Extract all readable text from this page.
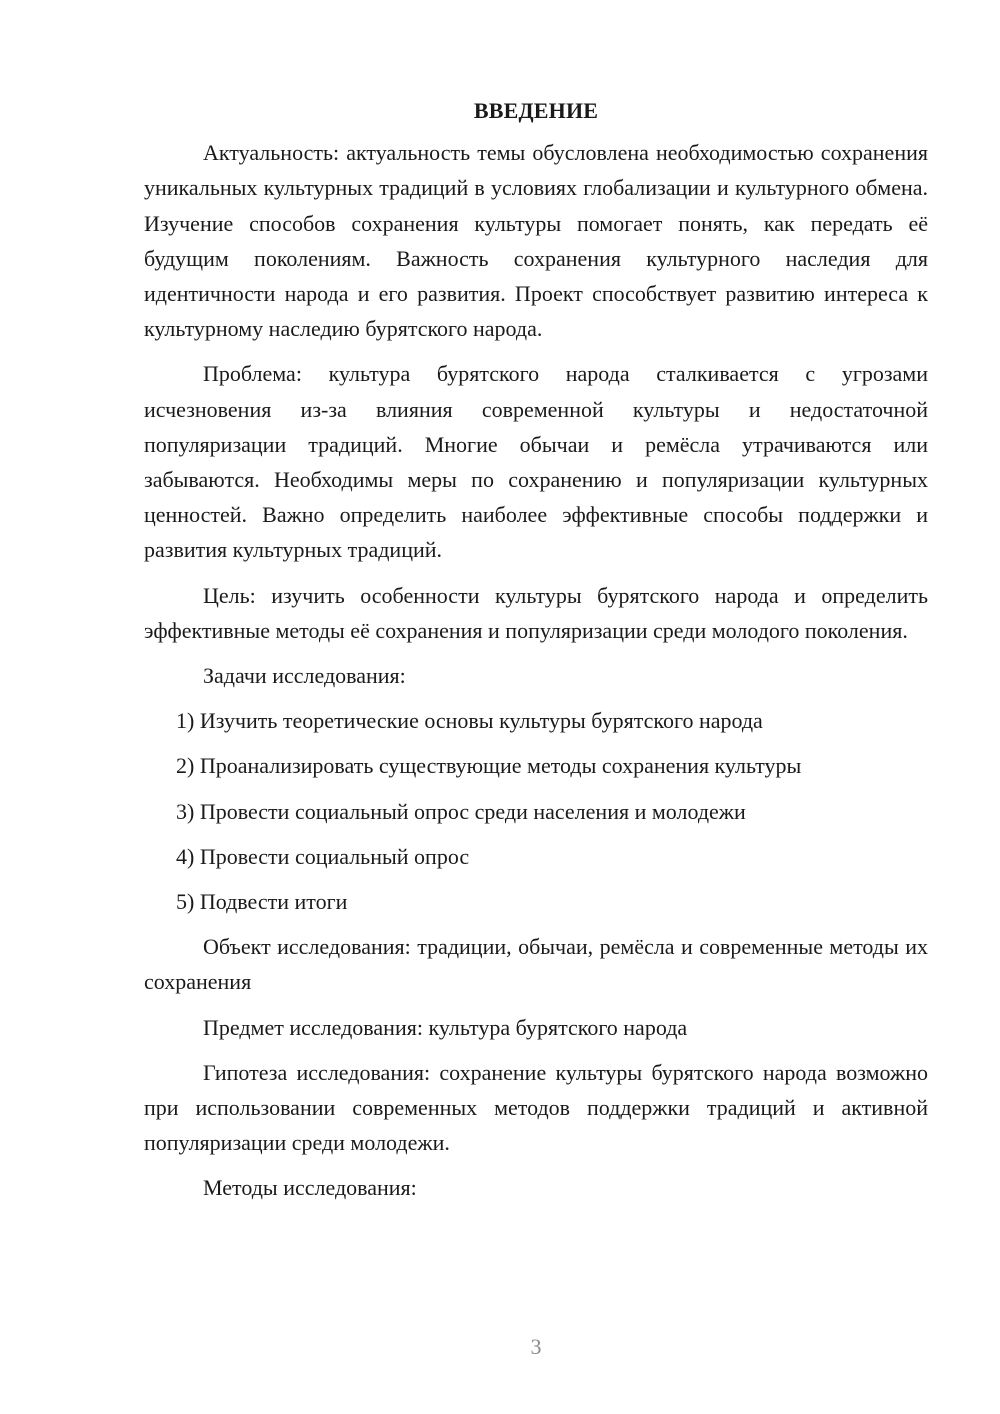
ВВЕДЕНИЕ

Актуальность: актуальность темы обусловлена необходимостью сохранения уникальных культурных традиций в условиях глобализации и культурного обмена. Изучение способов сохранения культуры помогает понять, как передать её будущим поколениям. Важность сохранения культурного наследия для идентичности народа и его развития. Проект способствует развитию интереса к культурному наследию бурятского народа.

Проблема: культура бурятского народа сталкивается с угрозами исчезновения из-за влияния современной культуры и недостаточной популяризации традиций. Многие обычаи и ремёсла утрачиваются или забываются. Необходимы меры по сохранению и популяризации культурных ценностей. Важно определить наиболее эффективные способы поддержки и развития культурных традиций.

Цель: изучить особенности культуры бурятского народа и определить эффективные методы её сохранения и популяризации среди молодого поколения.

Задачи исследования:

1) Изучить теоретические основы культуры бурятского народа
2) Проанализировать существующие методы сохранения культуры
3) Провести социальный опрос среди населения и молодежи
4) Провести социальный опрос
5) Подвести итоги

Объект исследования: традиции, обычаи, ремёсла и современные методы их сохранения

Предмет исследования: культура бурятского народа

Гипотеза исследования: сохранение культуры бурятского народа возможно при использовании современных методов поддержки традиций и активной популяризации среди молодежи.

Методы исследования:

3
